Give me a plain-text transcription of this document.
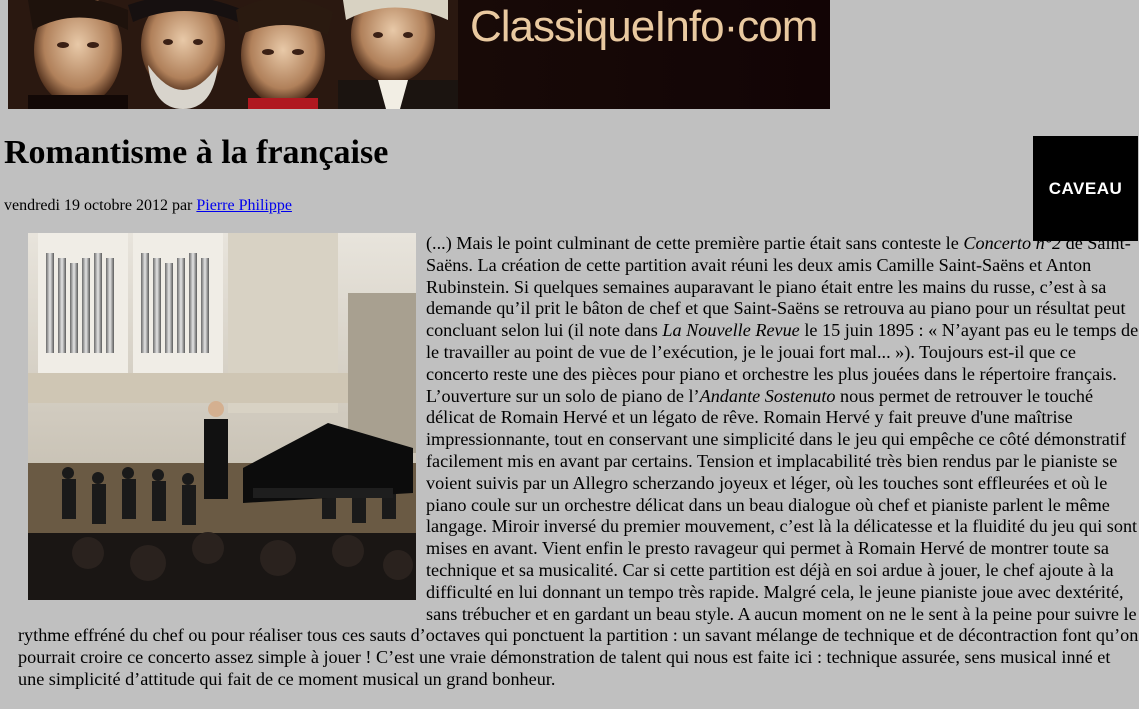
ClassiqueInfo·com
CAVEAU
Romantisme à la française
vendredi 19 octobre 2012 par Pierre Philippe

(...) Mais le point culminant de cette première partie était sans conteste le Concerto n°2 de Saint-Saëns. La création de cette partition avait réuni les deux amis Camille Saint-Saëns et Anton Rubinstein. Si quelques semaines auparavant le piano était entre les mains du russe, c’est à sa demande qu’il prit le bâton de chef et que Saint-Saëns se retrouva au piano pour un résultat peut concluant selon lui (il note dans La Nouvelle Revue le 15 juin 1895 : « N’ayant pas eu le temps de le travailler au point de vue de l’exécution, je le jouai fort mal... »). Toujours est-il que ce concerto reste une des pièces pour piano et orchestre les plus jouées dans le répertoire français. L’ouverture sur un solo de piano de l’Andante Sostenuto nous permet de retrouver le touché délicat de Romain Hervé et un légato de rêve. Romain Hervé y fait preuve d'une maîtrise impressionnante, tout en conservant une simplicité dans le jeu qui empêche ce côté démonstratif facilement mis en avant par certains. Tension et implacabilité très bien rendus par le pianiste se voient suivis par un Allegro scherzando joyeux et léger, où les touches sont effleurées et où le piano coule sur un orchestre délicat dans un beau dialogue où chef et pianiste parlent le même langage. Miroir inversé du premier mouvement, c’est là la délicatesse et la fluidité du jeu qui sont mises en avant. Vient enfin le presto ravageur qui permet à Romain Hervé de montrer toute sa technique et sa musicalité. Car si cette partition est déjà en soi ardue à jouer, le chef ajoute à la difficulté en lui donnant un tempo très rapide. Malgré cela, le jeune pianiste joue avec dextérité, sans trébucher et en gardant un beau style. A aucun moment on ne le sent à la peine pour suivre le rythme effréné du chef ou pour réaliser tous ces sauts d’octaves qui ponctuent la partition : un savant mélange de technique et de décontraction font qu’on pourrait croire ce concerto assez simple à jouer ! C’est une vraie démonstration de talent qui nous est faite ici : technique assurée, sens musical inné et une simplicité d’attitude qui fait de ce moment musical un grand bonheur.
